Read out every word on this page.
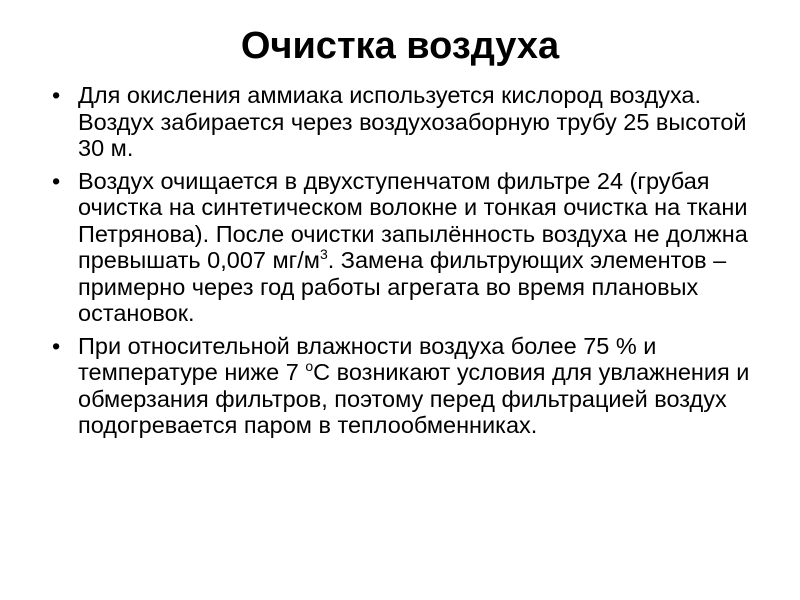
Очистка воздуха
• Для окисления аммиака используется кислород воздуха. Воздух забирается через воздухозаборную трубу 25 высотой 30 м.
• Воздух очищается в двухступенчатом фильтре 24 (грубая очистка на синтетическом волокне и тонкая очистка на ткани Петрянова). После очистки запылённость воздуха не должна превышать 0,007 $мг/м^3$. Замена фильтрующих элементов – примерно через год работы агрегата во время плановых остановок.
• При относительной влажности воздуха более 75 % и температуре ниже 7 $^о$С возникают условия для увлажнения и обмерзания фильтров, поэтому перед фильтрацией воздух подогревается паром в теплообменниках.
